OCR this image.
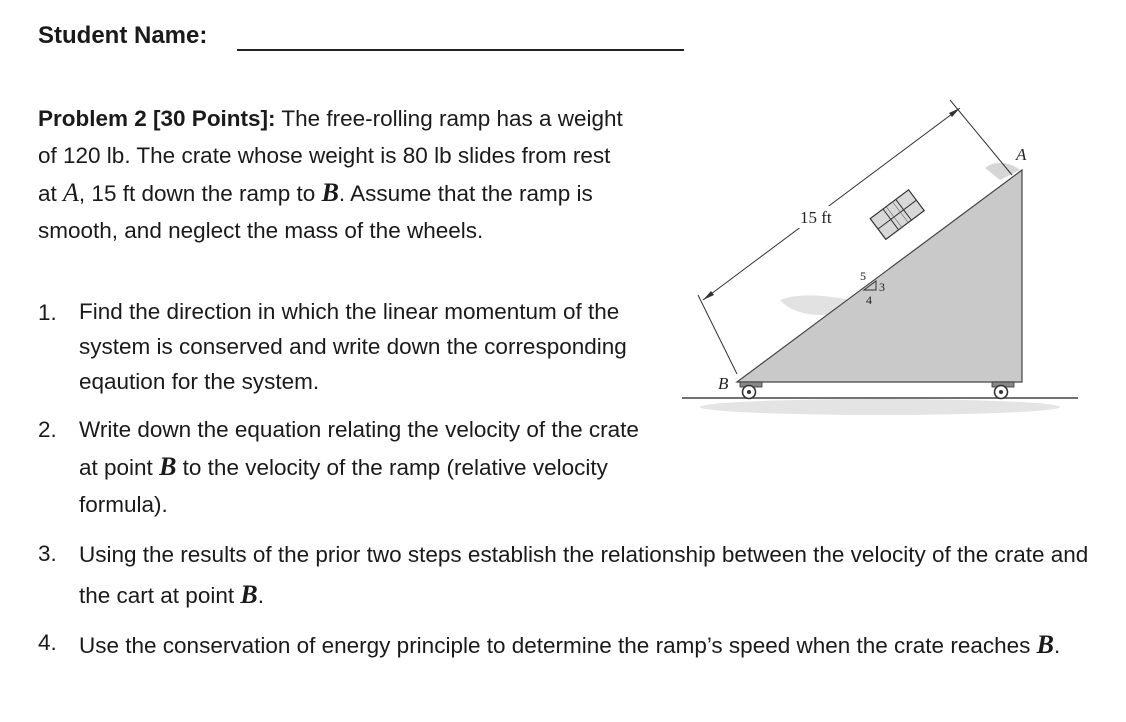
Student Name:
Problem 2 [30 Points]: The free-rolling ramp has a weight of 120 lb. The crate whose weight is 80 lb slides from rest at A, 15 ft down the ramp to B. Assume that the ramp is smooth, and neglect the mass of the wheels.
1. Find the direction in which the linear momentum of the system is conserved and write down the corresponding eqaution for the system.
2. Write down the equation relating the velocity of the crate at point B to the velocity of the ramp (relative velocity formula).
3. Using the results of the prior two steps establish the relationship between the velocity of the crate and the cart at point B.
4. Use the conservation of energy principle to determine the ramp’s speed when the crate reaches B.
15 ft
5
3
4
A
B
